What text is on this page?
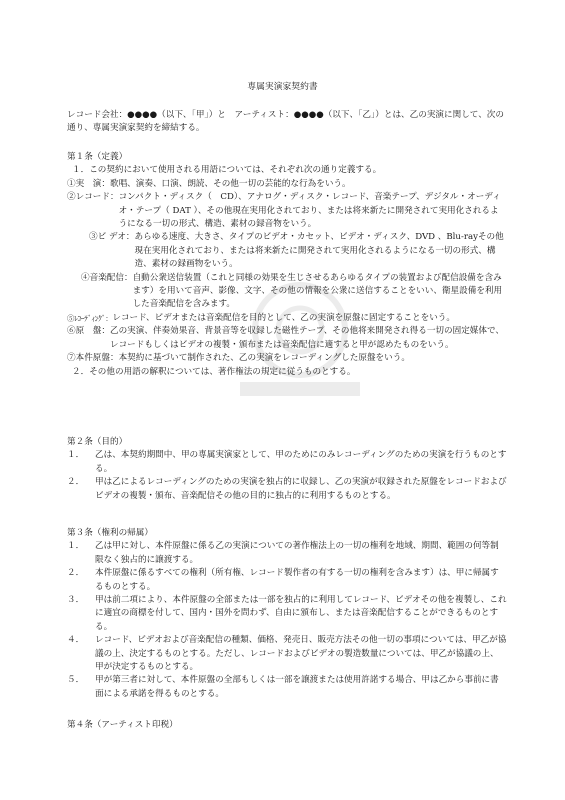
専属実演家契約書
レコード会社：●●●●（以下、「甲」）と　アーティスト：●●●●（以下、「乙」）とは、乙の実演に関して、次の通り、専属実演家契約を締結する。

第１条（定義）

１．この契約において使用される用語については、それぞれ次の通り定義する。

①実　演： 歌唱、演奏、口演、朗読、その他一切の芸能的な行為をいう。
②レコード： コンパクト・ディスク（　CD）、アナログ・ディスク・レコード、音楽テープ、デジタル・オーディオ・テープ（ DAT ）、その他現在実用化されており、または将来新たに開発されて実用化されるようになる一切の形式、構造、素材の録音物をいう。
③ビ デオ： あらゆる速度、大きさ、タイプのビデオ・カセット、ビデオ・ディスク、DVD 、Blu-rayその他現在実用化されており、または将来新たに開発されて実用化されるようになる一切の形式、構造、素材の録画物をいう。
④音楽配信： 自動公衆送信装置（これと同様の効果を生じさせるあらゆるタイプの装置および配信設備を含みます）を用いて音声、影像、文字、その他の情報を公衆に送信することをいい、衛星設備を利用した音楽配信を含みます。
⑤ﾚｺｰﾃﾞｨﾝｸﾞ： レコード、ビデオまたは音楽配信を目的として、乙の実演を原盤に固定することをいう。
⑥原　盤： 乙の実演、伴奏効果音、背景音等を収録した磁性テープ、その他将来開発され得る一切の固定媒体で、レコードもしくはビデオの複製・頒布または音楽配信に適すると甲が認めたものをいう。
⑦本件原盤： 本契約に基づいて制作された、乙の実演をレコーディングした原盤をいう。

２．その他の用語の解釈については、著作権法の規定に従うものとする。

第２条（目的）

１．	乙は、本契約期間中、甲の専属実演家として、甲のためにのみレコーディングのための実演を行うものとする。
２．	甲は乙によるレコーディングのための実演を独占的に収録し、乙の実演が収録された原盤をレコードおよびビデオの複製・頒布、音楽配信その他の目的に独占的に利用するものとする。

第３条（権利の帰属）

１．	乙は甲に対し、本件原盤に係る乙の実演についての著作権法上の一切の権利を地域、期間、範囲の何等制限なく独占的に譲渡する。
２．	本件原盤に係るすべての権利（所有権、レコード製作者の有する一切の権利を含みます）は、甲に帰属するものとする。
３．	甲は前二項により、本件原盤の全部または一部を独占的に利用してレコード、ビデオその他を複製し、これに適宜の商標を付して、国内・国外を問わず、自由に頒布し、または音楽配信することができるものとする。
４．	レコード、ビデオおよび音楽配信の種類、価格、発売日、販売方法その他一切の事項については、甲乙が協議の上、決定するものとする。ただし、レコードおよびビデオの製造数量については、甲乙が協議の上、甲が決定するものとする。
５．	甲が第三者に対して、本件原盤の全部もしくは一部を譲渡または使用許諾する場合、甲は乙から事前に書面による承諾を得るものとする。

第４条（アーティスト印税）
